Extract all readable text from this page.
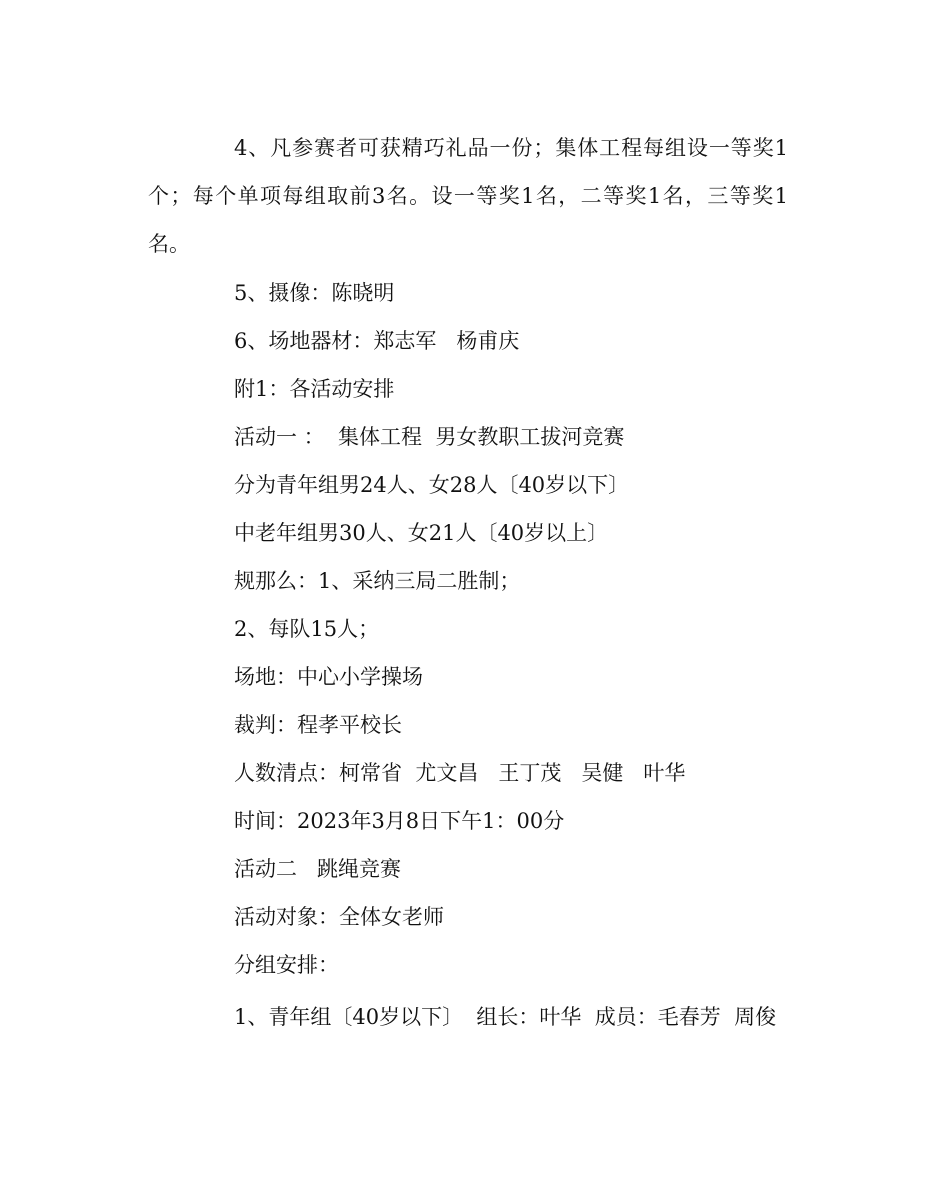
4、凡参赛者可获精巧礼品一份；集体工程每组设一等奖1个；每个单项每组取前3名。设一等奖1名，二等奖1名，三等奖1名。

5、摄像：陈晓明

6、场地器材：郑志军   杨甫庆

附1：各活动安排

活动一 ：  集体工程  男女教职工拔河竞赛

分为青年组男24人、女28人〔40岁以下〕

中老年组男30人、女21人〔40岁以上〕

规那么：1、采纳三局二胜制；

2、每队15人；

场地：中心小学操场

裁判：程孝平校长

人数清点：柯常省  尤文昌   王丁茂   吴健   叶华

时间：2023年3月8日下午1：00分

活动二   跳绳竞赛

活动对象：全体女老师

分组安排：

1、青年组〔40岁以下〕  组长：叶华  成员：毛春芳  周俊
